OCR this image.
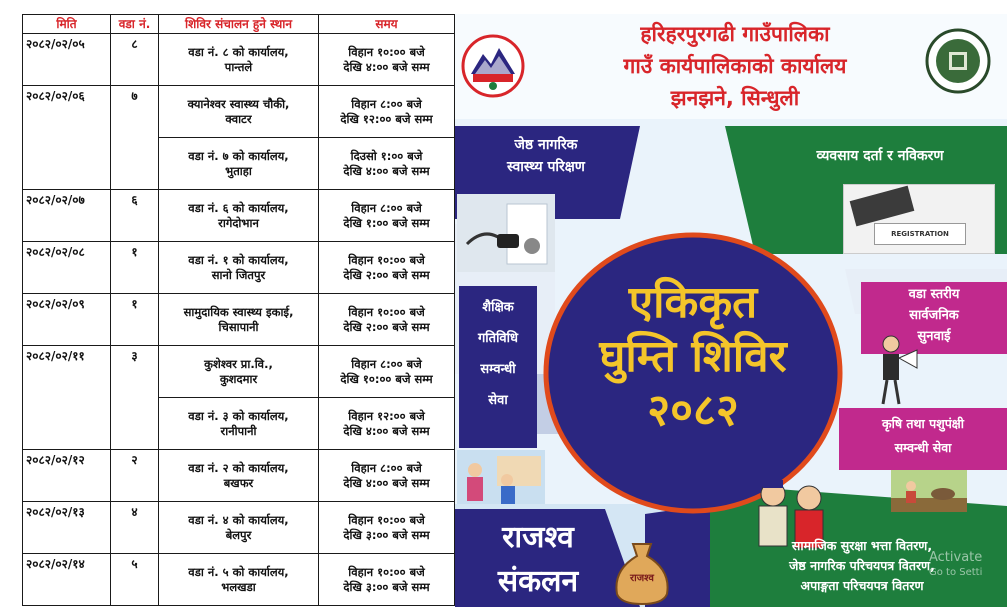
मिति	वडा नं.	शिविर संचालन हुने स्थान	समय
२०८२/०२/०५	८	वडा नं. ८ को कार्यालय,
पान्तले	विहान १०:०० बजे
देखि ४:०० बजे सम्म

२०८२/०२/०६	७	क्यानेश्वर स्वास्थ्य चौकी,
क्वाटर	विहान ८:०० बजे
देखि १२:०० बजे सम्म

		वडा नं. ७ को कार्यालय,
भुताहा	दिउसो १:०० बजे
देखि ४:०० बजे सम्म

२०८२/०२/०७	६	वडा नं. ६ को कार्यालय,
रागेदोभान	विहान ८:०० बजे
देखि १:०० बजे सम्म

२०८२/०२/०८	१	वडा नं. १ को कार्यालय,
सानो जितपुर	विहान १०:०० बजे
देखि २:०० बजे सम्म

२०८२/०२/०९	१	सामुदायिक स्वास्थ्य इकाई,
चिसापानी	विहान १०:०० बजे
देखि २:०० बजे सम्म

२०८२/०२/११	३	कुशेश्वर प्रा.वि.,
कुशदमार	विहान ८:०० बजे
देखि १०:०० बजे सम्म

		वडा नं. ३ को कार्यालय,
रानीपानी	विहान १२:०० बजे
देखि ४:०० बजे सम्म

२०८२/०२/१२	२	वडा नं. २ को कार्यालय,
बखफर	विहान ८:०० बजे
देखि ४:०० बजे सम्म

२०८२/०२/१३	४	वडा नं. ४ को कार्यालय,
बेलपुर	विहान १०:०० बजे
देखि ३:०० बजे सम्म

२०८२/०२/१४	५	वडा नं. ५ को कार्यालय,
भलखडा	विहान १०:०० बजे
देखि ३:०० बजे सम्म
हरिहरपुरगढी गाउँपालिका
गाउँ कार्यपालिकाको कार्यालय
झनझने, सिन्धुली
जेष्ठ नागरिक
स्वास्थ्य परिक्षण
व्यवसाय दर्ता र नविकरण
REGISTRATION
वडा स्तरीय
सार्वजनिक
सुनवाई
शैक्षिक
गतिविधि
सम्वन्धी
सेवा
एकिकृत
घुम्ति शिविर
२०८२	कृषि तथा पशुपंक्षी
सम्वन्धी सेवा
राजश्व
संकलन	राजश्व
सामाजिक सुरक्षा भत्ता वितरण,
जेष्ठ नागरिक परिचयपत्र वितरण,
अपाङ्गता परिचयपत्र वितरण
Activate
Go to Setti
